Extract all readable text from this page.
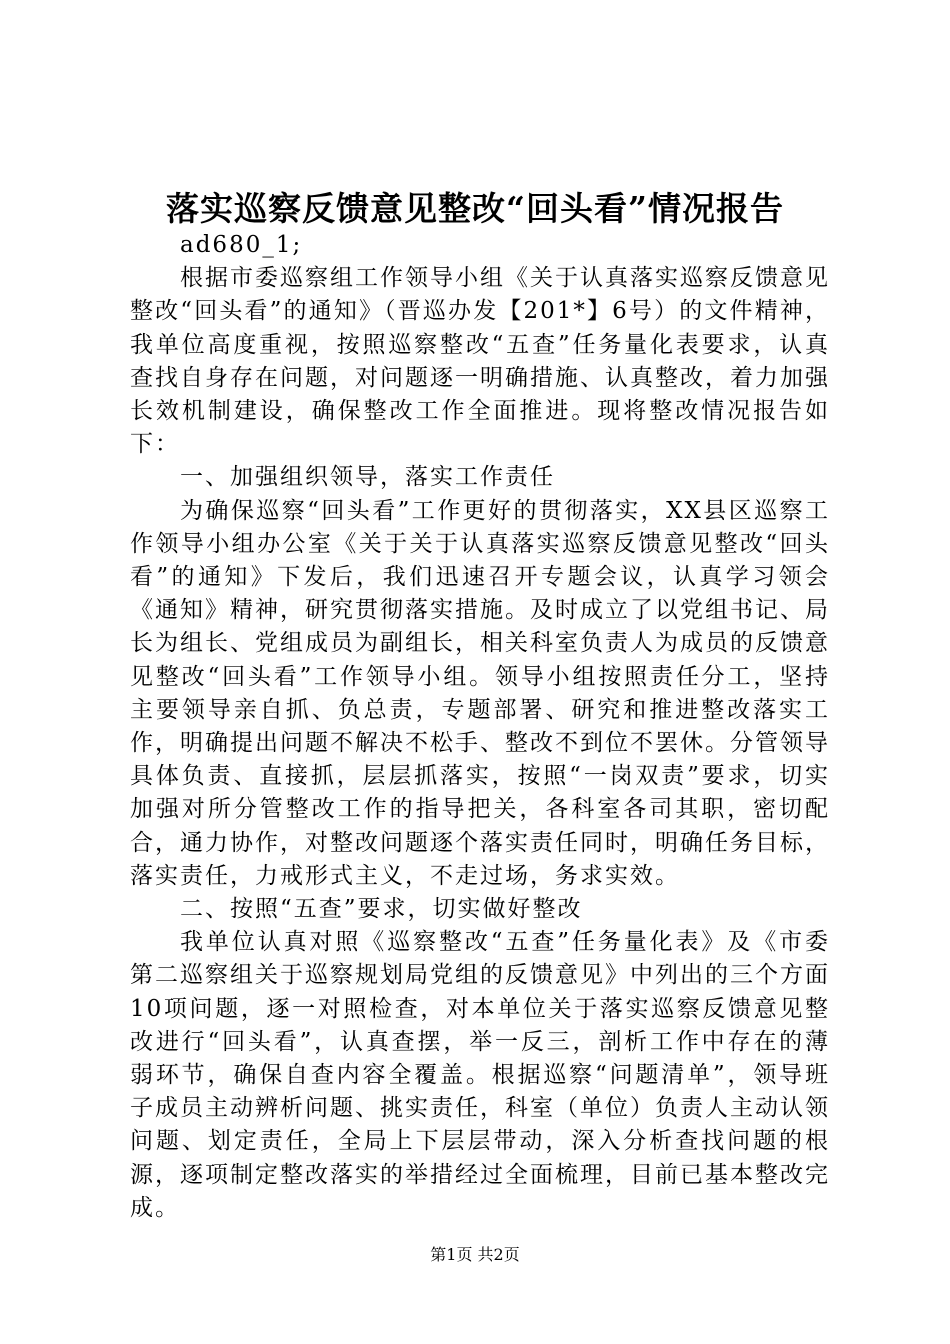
落实巡察反馈意见整改“回头看”情况报告

ad680_1;

根据市委巡察组工作领导小组《关于认真落实巡察反馈意见整改“回头看”的通知》（晋巡办发【201*】6号）的文件精神，我单位高度重视，按照巡察整改“五查”任务量化表要求，认真查找自身存在问题，对问题逐一明确措施、认真整改，着力加强长效机制建设，确保整改工作全面推进。现将整改情况报告如下：

一、加强组织领导，落实工作责任

为确保巡察“回头看”工作更好的贯彻落实，XX县区巡察工作领导小组办公室《关于关于认真落实巡察反馈意见整改“回头看”的通知》下发后，我们迅速召开专题会议，认真学习领会《通知》精神，研究贯彻落实措施。及时成立了以党组书记、局长为组长、党组成员为副组长，相关科室负责人为成员的反馈意见整改“回头看”工作领导小组。领导小组按照责任分工，坚持主要领导亲自抓、负总责，专题部署、研究和推进整改落实工作，明确提出问题不解决不松手、整改不到位不罢休。分管领导具体负责、直接抓，层层抓落实，按照“一岗双责”要求，切实加强对所分管整改工作的指导把关，各科室各司其职，密切配合，通力协作，对整改问题逐个落实责任同时，明确任务目标，落实责任，力戒形式主义，不走过场，务求实效。

二、按照“五查”要求，切实做好整改

我单位认真对照《巡察整改“五查”任务量化表》及《市委第二巡察组关于巡察规划局党组的反馈意见》中列出的三个方面10项问题，逐一对照检查，对本单位关于落实巡察反馈意见整改进行“回头看”，认真查摆，举一反三，剖析工作中存在的薄弱环节，确保自查内容全覆盖。根据巡察“问题清单”，领导班子成员主动辨析问题、挑实责任，科室（单位）负责人主动认领问题、划定责任，全局上下层层带动，深入分析查找问题的根源，逐项制定整改落实的举措经过全面梳理，目前已基本整改完成。

第1页 共2页
